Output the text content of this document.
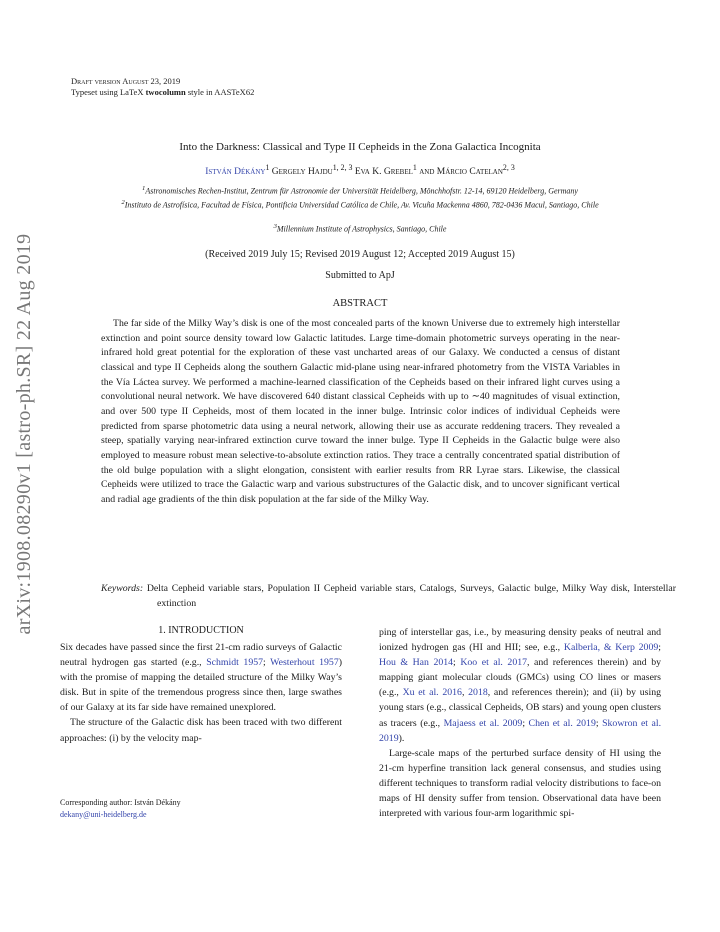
arXiv:1908.08290v1 [astro-ph.SR] 22 Aug 2019
Draft version August 23, 2019
Typeset using LaTeX twocolumn style in AASTeX62
Into the Darkness: Classical and Type II Cepheids in the Zona Galactica Incognita
István Dékány$^1$ Gergely Hajdu$^{1, 2, 3}$ Eva K. Grebel$^1$ and Márcio Catelan$^{2, 3}$
$^1$Astronomisches Rechen-Institut, Zentrum für Astronomie der Universität Heidelberg, Mönchhofstr. 12-14, 69120 Heidelberg, Germany
$^2$Instituto de Astrofísica, Facultad de Física, Pontificia Universidad Católica de Chile, Av. Vicuña Mackenna 4860, 782-0436 Macul, Santiago, Chile
$^3$Millennium Institute of Astrophysics, Santiago, Chile
(Received 2019 July 15; Revised 2019 August 12; Accepted 2019 August 15)
Submitted to ApJ
ABSTRACT
The far side of the Milky Way’s disk is one of the most concealed parts of the known Universe due to extremely high interstellar extinction and point source density toward low Galactic latitudes. Large time-domain photometric surveys operating in the near-infrared hold great potential for the exploration of these vast uncharted areas of our Galaxy. We conducted a census of distant classical and type II Cepheids along the southern Galactic mid-plane using near-infrared photometry from the VISTA Variables in the Vía Láctea survey. We performed a machine-learned classification of the Cepheids based on their infrared light curves using a convolutional neural network. We have discovered 640 distant classical Cepheids with up to ∼40 magnitudes of visual extinction, and over 500 type II Cepheids, most of them located in the inner bulge. Intrinsic color indices of individual Cepheids were predicted from sparse photometric data using a neural network, allowing their use as accurate reddening tracers. They revealed a steep, spatially varying near-infrared extinction curve toward the inner bulge. Type II Cepheids in the Galactic bulge were also employed to measure robust mean selective-to-absolute extinction ratios. They trace a centrally concentrated spatial distribution of the old bulge population with a slight elongation, consistent with earlier results from RR Lyrae stars. Likewise, the classical Cepheids were utilized to trace the Galactic warp and various substructures of the Galactic disk, and to uncover significant vertical and radial age gradients of the thin disk population at the far side of the Milky Way.
Keywords: Delta Cepheid variable stars, Population II Cepheid variable stars, Catalogs, Surveys, Galactic bulge, Milky Way disk, Interstellar extinction
1. INTRODUCTION

Six decades have passed since the first 21-cm radio surveys of Galactic neutral hydrogen gas started (e.g., Schmidt 1957; Westerhout 1957) with the promise of mapping the detailed structure of the Milky Way’s disk. But in spite of the tremendous progress since then, large swathes of our Galaxy at its far side have remained unexplored.

The structure of the Galactic disk has been traced with two different approaches: (i) by the velocity map-

ping of interstellar gas, i.e., by measuring density peaks of neutral and ionized hydrogen gas (HI and HII; see, e.g., Kalberla, & Kerp 2009; Hou & Han 2014; Koo et al. 2017, and references therein) and by mapping giant molecular clouds (GMCs) using CO lines or masers (e.g., Xu et al. 2016, 2018, and references therein); and (ii) by using young stars (e.g., classical Cepheids, OB stars) and young open clusters as tracers (e.g., Majaess et al. 2009; Chen et al. 2019; Skowron et al. 2019).

Large-scale maps of the perturbed surface density of HI using the 21-cm hyperfine transition lack general consensus, and studies using different techniques to transform radial velocity distributions to face-on maps of HI density suffer from tension. Observational data have been interpreted with various four-arm logarithmic spi-

Corresponding author: István Dékány
dekany@uni-heidelberg.de
